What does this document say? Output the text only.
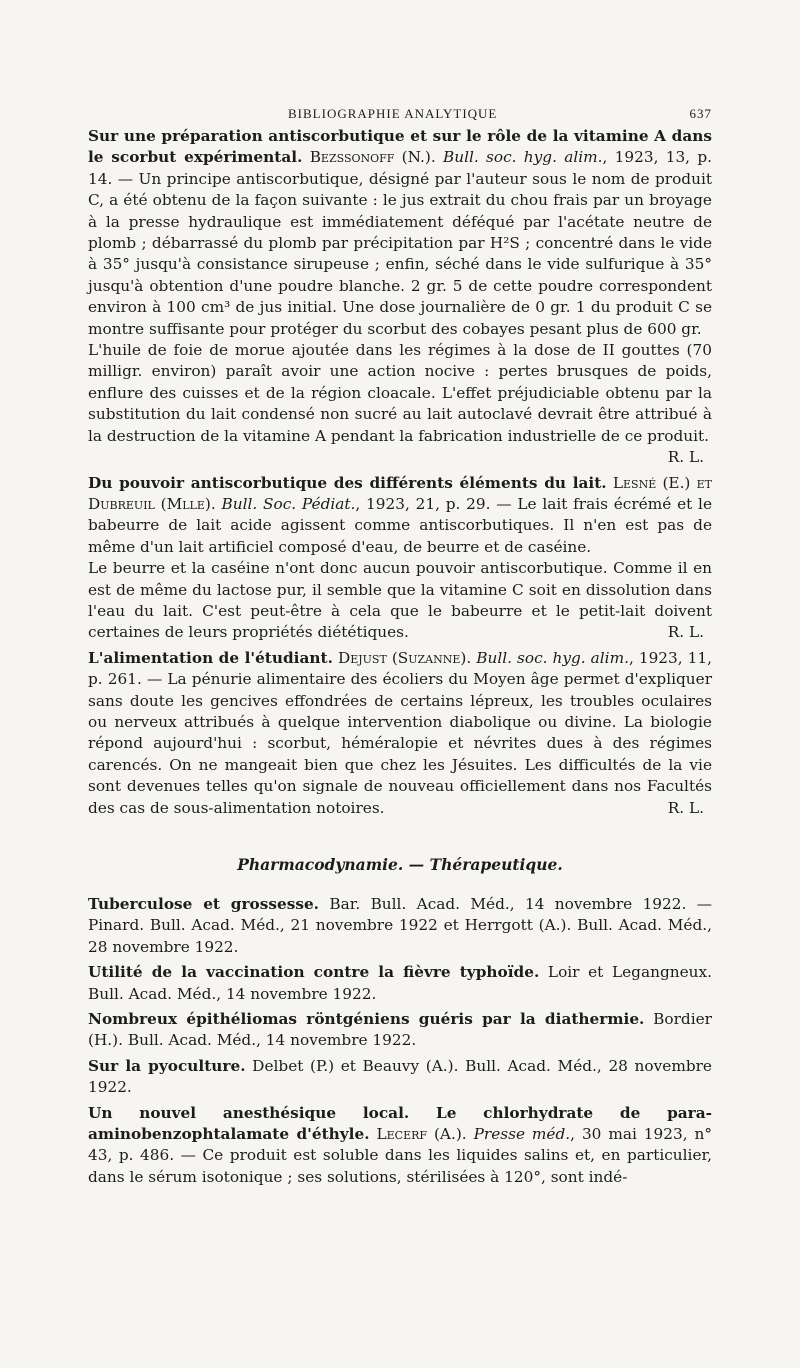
BIBLIOGRAPHIE ANALYTIQUE	637

Sur une préparation antiscorbutique et sur le rôle de la vitamine A dans le scorbut expérimental. Bezssonoff (N.). Bull. soc. hyg. alim., 1923, 13, p. 14. — Un principe antiscorbutique, désigné par l'auteur sous le nom de produit C, a été obtenu de la façon suivante : le jus extrait du chou frais par un broyage à la presse hydraulique est immédiatement déféqué par l'acétate neutre de plomb ; débarrassé du plomb par précipitation par H²S ; concentré dans le vide à 35° jusqu'à consistance sirupeuse ; enfin, séché dans le vide sulfurique à 35° jusqu'à obtention d'une poudre blanche. 2 gr. 5 de cette poudre correspondent environ à 100 cm³ de jus initial. Une dose journalière de 0 gr. 1 du produit C se montre suffisante pour protéger du scorbut des cobayes pesant plus de 600 gr.

L'huile de foie de morue ajoutée dans les régimes à la dose de II gouttes (70 milligr. environ) paraît avoir une action nocive : pertes brusques de poids, enflure des cuisses et de la région cloacale. L'effet préjudiciable obtenu par la substitution du lait condensé non sucré au lait autoclavé devrait être attribué à la destruction de la vitamine A pendant la fabrication industrielle de ce produit.
R. L.

Du pouvoir antiscorbutique des différents éléments du lait. Lesné (E.) et Dubreuil (Mlle). Bull. Soc. Pédiat., 1923, 21, p. 29. — Le lait frais écrémé et le babeurre de lait acide agissent comme antiscorbutiques. Il n'en est pas de même d'un lait artificiel composé d'eau, de beurre et de caséine.

Le beurre et la caséine n'ont donc aucun pouvoir antiscorbutique. Comme il en est de même du lactose pur, il semble que la vitamine C soit en dissolution dans l'eau du lait. C'est peut-être à cela que le babeurre et le petit-lait doivent certaines de leurs propriétés diététiques.	R. L.

L'alimentation de l'étudiant. Dejust (Suzanne). Bull. soc. hyg. alim., 1923, 11, p. 261. — La pénurie alimentaire des écoliers du Moyen âge permet d'expliquer sans doute les gencives effondrées de certains lépreux, les troubles oculaires ou nerveux attribués à quelque intervention diabolique ou divine. La biologie répond aujourd'hui : scorbut, héméralopie et névrites dues à des régimes carencés. On ne mangeait bien que chez les Jésuites. Les difficultés de la vie sont devenues telles qu'on signale de nouveau officiellement dans nos Facultés des cas de sous-alimentation notoires.	R. L.

Pharmacodynamie. — Thérapeutique.

Tuberculose et grossesse. Bar. Bull. Acad. Méd., 14 novembre 1922. — Pinard. Bull. Acad. Méd., 21 novembre 1922 et Herrgott (A.). Bull. Acad. Méd., 28 novembre 1922.

Utilité de la vaccination contre la fièvre typhoïde. Loir et Legangneux. Bull. Acad. Méd., 14 novembre 1922.

Nombreux épithéliomas röntgéniens guéris par la diathermie. Bordier (H.). Bull. Acad. Méd., 14 novembre 1922.

Sur la pyoculture. Delbet (P.) et Beauvy (A.). Bull. Acad. Méd., 28 novembre 1922.

Un nouvel anesthésique local. Le chlorhydrate de para-aminobenzophtalamate d'éthyle. Lecerf (A.). Presse méd., 30 mai 1923, n° 43, p. 486. — Ce produit est soluble dans les liquides salins et, en particulier, dans le sérum isotonique ; ses solutions, stérilisées à 120°, sont indé-
